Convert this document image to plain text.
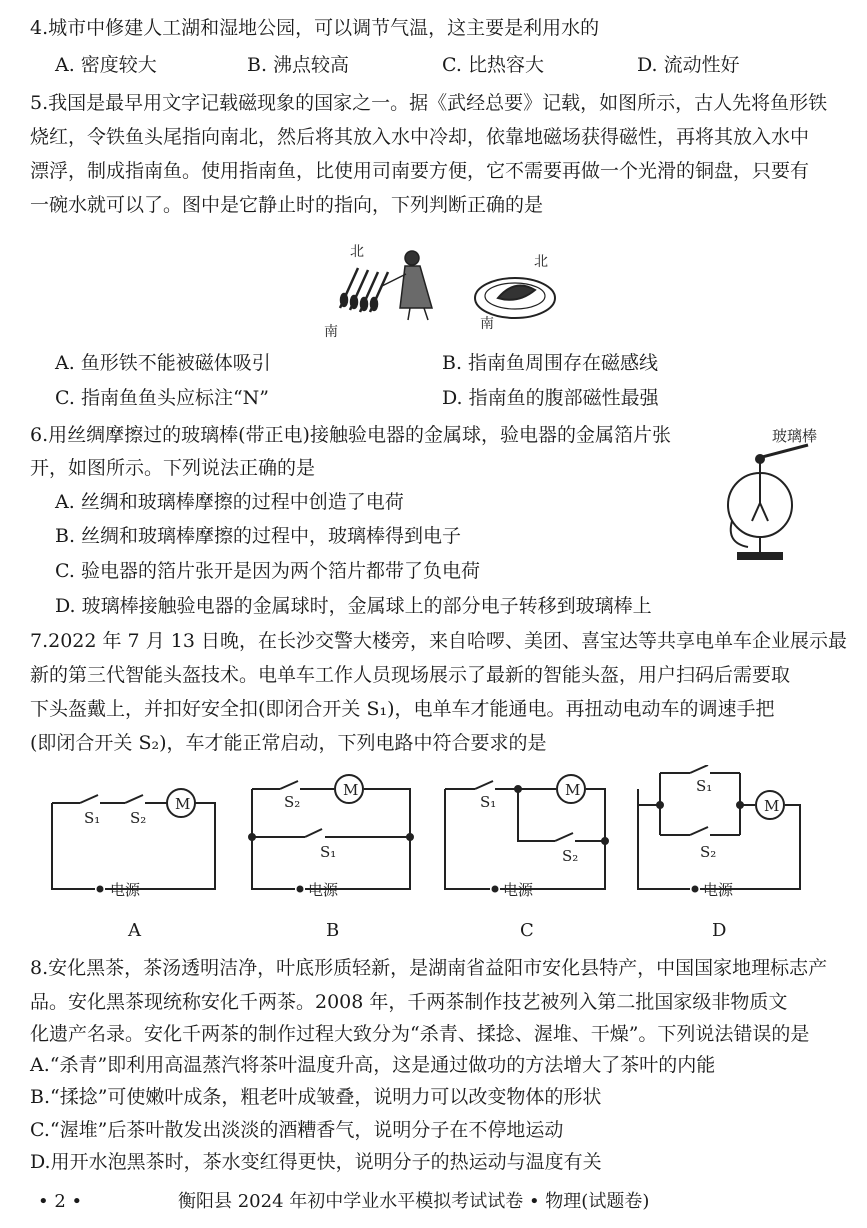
4.城市中修建人工湖和湿地公园，可以调节气温，这主要是利用水的
A. 密度较大	B. 沸点较高	C. 比热容大	D. 流动性好
5.我国是最早用文字记载磁现象的国家之一。据《武经总要》记载，如图所示，古人先将鱼形铁
烧红，令铁鱼头尾指向南北，然后将其放入水中冷却，依靠地磁场获得磁性，再将其放入水中
漂浮，制成指南鱼。使用指南鱼，比使用司南要方便，它不需要再做一个光滑的铜盘，只要有
一碗水就可以了。图中是它静止时的指向，下列判断正确的是
北
南
北
南
A. 鱼形铁不能被磁体吸引	B. 指南鱼周围存在磁感线
C. 指南鱼鱼头应标注“N”	D. 指南鱼的腹部磁性最强
6.用丝绸摩擦过的玻璃棒(带正电)接触验电器的金属球，验电器的金属箔片张
开，如图所示。下列说法正确的是
A. 丝绸和玻璃棒摩擦的过程中创造了电荷
B. 丝绸和玻璃棒摩擦的过程中，玻璃棒得到电子
C. 验电器的箔片张开是因为两个箔片都带了负电荷
D. 玻璃棒接触验电器的金属球时，金属球上的部分电子转移到玻璃棒上
玻璃棒
7.2022 年 7 月 13 日晚，在长沙交警大楼旁，来自哈啰、美团、喜宝达等共享电单车企业展示最
新的第三代智能头盔技术。电单车工作人员现场展示了最新的智能头盔，用户扫码后需要取
下头盔戴上，并扣好安全扣(即闭合开关 S₁)，电单车才能通电。再扭动电动车的调速手把
(即闭合开关 S₂)，车才能正常启动，下列电路中符合要求的是
M
M	M
M
S₁ S₂
S₂
S₁
S₁
S₂
S₁
S₂
电源	电源	电源	电源
A	B	C	D
8.安化黑茶，茶汤透明洁净，叶底形质轻新，是湖南省益阳市安化县特产，中国国家地理标志产
品。安化黑茶现统称安化千两茶。2008 年，千两茶制作技艺被列入第二批国家级非物质文
化遗产名录。安化千两茶的制作过程大致分为“杀青、揉捻、渥堆、干燥”。下列说法错误的是
A.“杀青”即利用高温蒸汽将茶叶温度升高，这是通过做功的方法增大了茶叶的内能
B.“揉捻”可使嫩叶成条，粗老叶成皱叠，说明力可以改变物体的形状
C.“渥堆”后茶叶散发出淡淡的酒糟香气，说明分子在不停地运动
D.用开水泡黑茶时，茶水变红得更快，说明分子的热运动与温度有关
• 2 •	衡阳县 2024 年初中学业水平模拟考试试卷 • 物理(试题卷)
